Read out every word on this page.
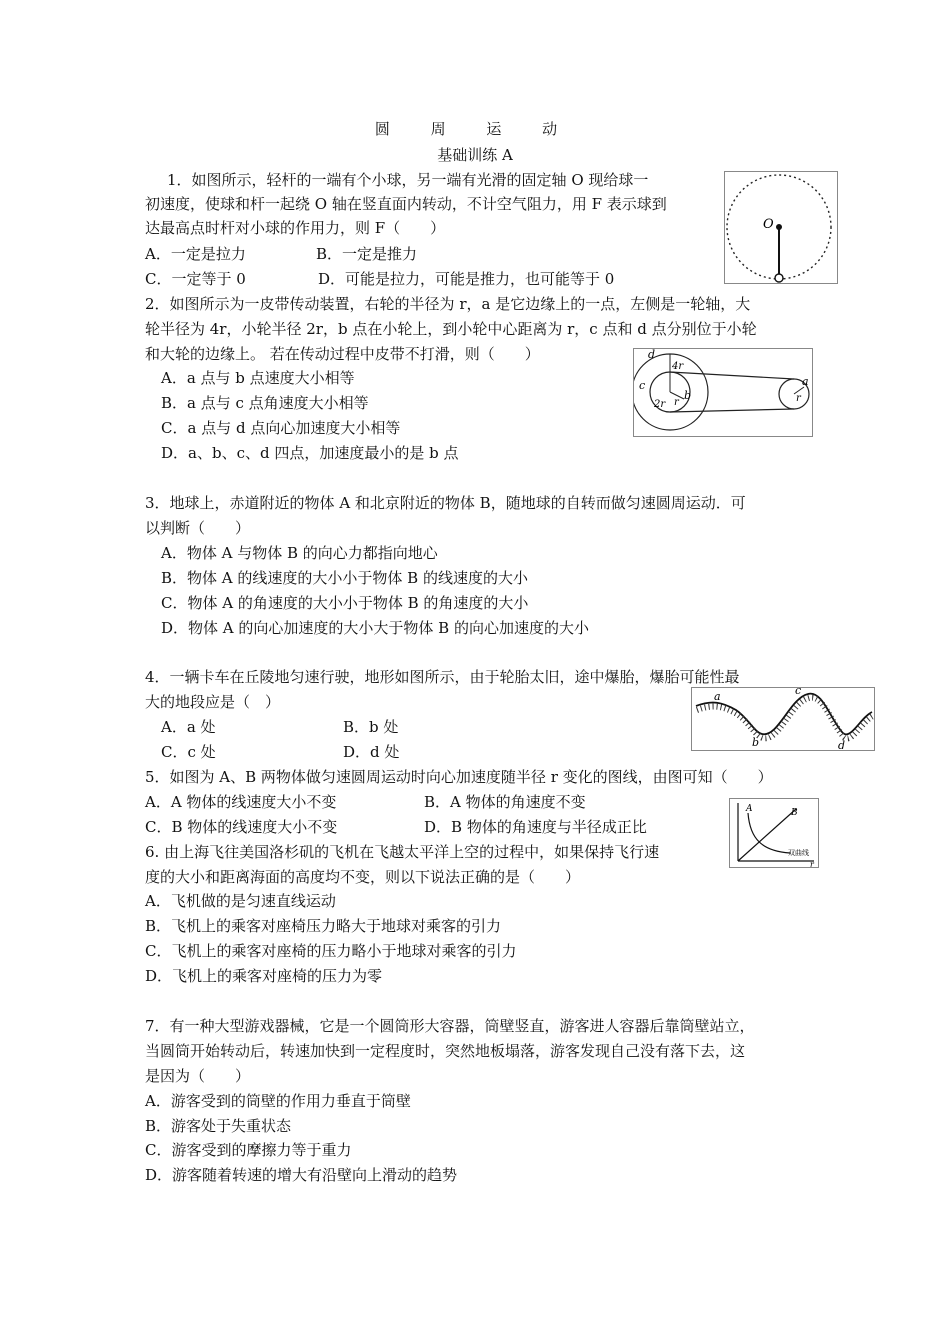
圆 周 运 动
基础训练 A
1．如图所示，轻杆的一端有个小球，另一端有光滑的固定轴 O 现给球一
初速度，使球和杆一起绕 O 轴在竖直面内转动，不计空气阻力，用 F 表示球到
达最高点时杆对小球的作用力，则 F（　　）
A．一定是拉力	B．一定是推力
C．一定等于 0	D．可能是拉力，可能是推力，也可能等于 0
O
2．如图所示为一皮带传动装置，右轮的半径为 r，a 是它边缘上的一点，左侧是一轮轴，大
轮半径为 4r，小轮半径 2r，b 点在小轮上，到小轮中心距离为 r，c 点和 d 点分别位于小轮
和大轮的边缘上。 若在传动过程中皮带不打滑，则（　　）
A．a 点与 b 点速度大小相等
B．a 点与 c 点角速度大小相等
C．a 点与 d 点向心加速度大小相等
D．a、b、c、d 四点，加速度最小的是 b 点
d
4r
c
2r r
b
a
r
3．地球上，赤道附近的物体 A 和北京附近的物体 B，随地球的自转而做匀速圆周运动．可
以判断（　　）
A．物体 A 与物体 B 的向心力都指向地心
B．物体 A 的线速度的大小小于物体 B 的线速度的大小
C．物体 A 的角速度的大小小于物体 B 的角速度的大小
D．物体 A 的向心加速度的大小大于物体 B 的向心加速度的大小
4．一辆卡车在丘陵地匀速行驶，地形如图所示，由于轮胎太旧，途中爆胎，爆胎可能性最
大的地段应是（　）
A．a 处	B．b 处
C．c 处	D．d 处
a
b
c
d
5．如图为 A、B 两物体做匀速圆周运动时向心加速度随半径 r 变化的图线，由图可知（　　）
A．A 物体的线速度大小不变	B．A 物体的角速度不变
C．B 物体的线速度大小不变	D．B 物体的角速度与半径成正比
A	B
双曲线
r
6. 由上海飞往美国洛杉矶的飞机在飞越太平洋上空的过程中，如果保持飞行速
度的大小和距离海面的高度均不变，则以下说法正确的是（　　）
A．飞机做的是匀速直线运动
B．飞机上的乘客对座椅压力略大于地球对乘客的引力
C．飞机上的乘客对座椅的压力略小于地球对乘客的引力
D．飞机上的乘客对座椅的压力为零
7．有一种大型游戏器械，它是一个圆筒形大容器，筒壁竖直，游客进人容器后靠筒壁站立，
当圆筒开始转动后，转速加快到一定程度时，突然地板塌落，游客发现自己没有落下去，这
是因为（　　）
A．游客受到的筒壁的作用力垂直于筒壁
B．游客处于失重状态
C．游客受到的摩擦力等于重力
D．游客随着转速的增大有沿壁向上滑动的趋势
